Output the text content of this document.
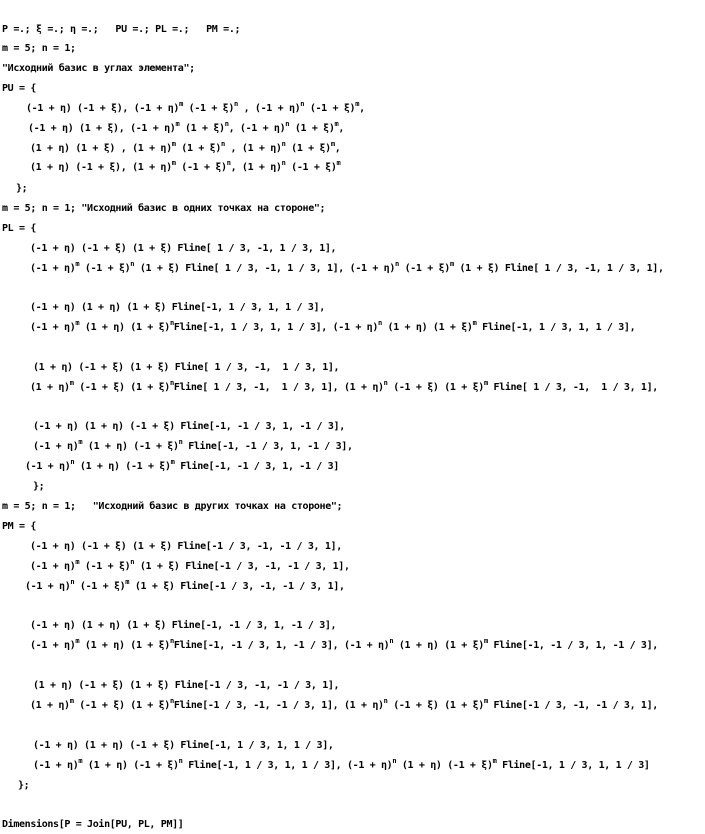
P =.; ξ =.; η =.;   PU =.; PL =.;   PM =.;
m = 5; n = 1;
"Исходний базис в углах элемента";
PU = {
(-1 + η) (-1 + ξ), $(-1 + \eta)^m$ $(-1 + \xi)^n$ , $(-1 + \eta)^n$ $(-1 + \xi)^m$,
(-1 + η) (1 + ξ), $(-1 + \eta)^m$ $(1 + \xi)^n$, $(-1 + \eta)^n$ $(1 + \xi)^m$,
(1 + η) (1 + ξ) , $(1 + \eta)^m$ $(1 + \xi)^n$ , $(1 + \eta)^n$ $(1 + \xi)^m$,
(1 + η) (-1 + ξ), $(1 + \eta)^m$ $(-1 + \xi)^n$, $(1 + \eta)^n$ $(-1 + \xi)^m$
};
m = 5; n = 1; "Исходний базис в одних точках на стороне";
PL = {
(-1 + η) (-1 + ξ) (1 + ξ) Fline[ 1 / 3, -1, 1 / 3, 1],
$(-1 + \eta)^m$ $(-1 + \xi)^n$ (1 + ξ) Fline[ 1 / 3, -1, 1 / 3, 1], $(-1 + \eta)^n$ $(-1 + \xi)^m$ (1 + ξ) Fline[ 1 / 3, -1, 1 / 3, 1],
(-1 + η) (1 + η) (1 + ξ) Fline[-1, 1 / 3, 1, 1 / 3],
$(-1 + \eta)^m$ (1 + η) $(1 + \xi)^nFline[-1$, 1 / 3, 1, 1 / 3], $(-1 + \eta)^n$ (1 + η) $(1 + \xi)^m$ Fline[-1, 1 / 3, 1, 1 / 3],
(1 + η) (-1 + ξ) (1 + ξ) Fline[ 1 / 3, -1,  1 / 3, 1],
$(1 + \eta)^m$ (-1 + ξ) $(1 + \xi)^nFline$[ 1 / 3, -1,  1 / 3, 1], $(1 + \eta)^n$ (-1 + ξ) $(1 + \xi)^m$ Fline[ 1 / 3, -1,  1 / 3, 1],
(-1 + η) (1 + η) (-1 + ξ) Fline[-1, -1 / 3, 1, -1 / 3],
$(-1 + \eta)^m$ (1 + η) $(-1 + \xi)^n$ Fline[-1, -1 / 3, 1, -1 / 3],
$(-1 + \eta)^n$ (1 + η) $(-1 + \xi)^m$ Fline[-1, -1 / 3, 1, -1 / 3]
};
m = 5; n = 1;   "Исходний базис в других точках на стороне";
PM = {
(-1 + η) (-1 + ξ) (1 + ξ) Fline[-1 / 3, -1, -1 / 3, 1],
$(-1 + \eta)^m$ $(-1 + \xi)^n$ (1 + ξ) Fline[-1 / 3, -1, -1 / 3, 1],
$(-1 + \eta)^n$ $(-1 + \xi)^m$ (1 + ξ) Fline[-1 / 3, -1, -1 / 3, 1],
(-1 + η) (1 + η) (1 + ξ) Fline[-1, -1 / 3, 1, -1 / 3],
$(-1 + \eta)^m$ (1 + η) $(1 + \xi)^nFline[-1$, -1 / 3, 1, -1 / 3], $(-1 + \eta)^n$ (1 + η) $(1 + \xi)^m$ Fline[-1, -1 / 3, 1, -1 / 3],
(1 + η) (-1 + ξ) (1 + ξ) Fline[-1 / 3, -1, -1 / 3, 1],
$(1 + \eta)^m$ (-1 + ξ) $(1 + \xi)^nFline[-1 / 3$, -1, -1 / 3, 1], $(1 + \eta)^n$ (-1 + ξ) $(1 + \xi)^m$ Fline[-1 / 3, -1, -1 / 3, 1],
(-1 + η) (1 + η) (-1 + ξ) Fline[-1, 1 / 3, 1, 1 / 3],
$(-1 + \eta)^m$ (1 + η) $(-1 + \xi)^n$ Fline[-1, 1 / 3, 1, 1 / 3], $(-1 + \eta)^n$ (1 + η) $(-1 + \xi)^m$ Fline[-1, 1 / 3, 1, 1 / 3]
};
Dimensions[P = Join[PU, PL, PM]]
